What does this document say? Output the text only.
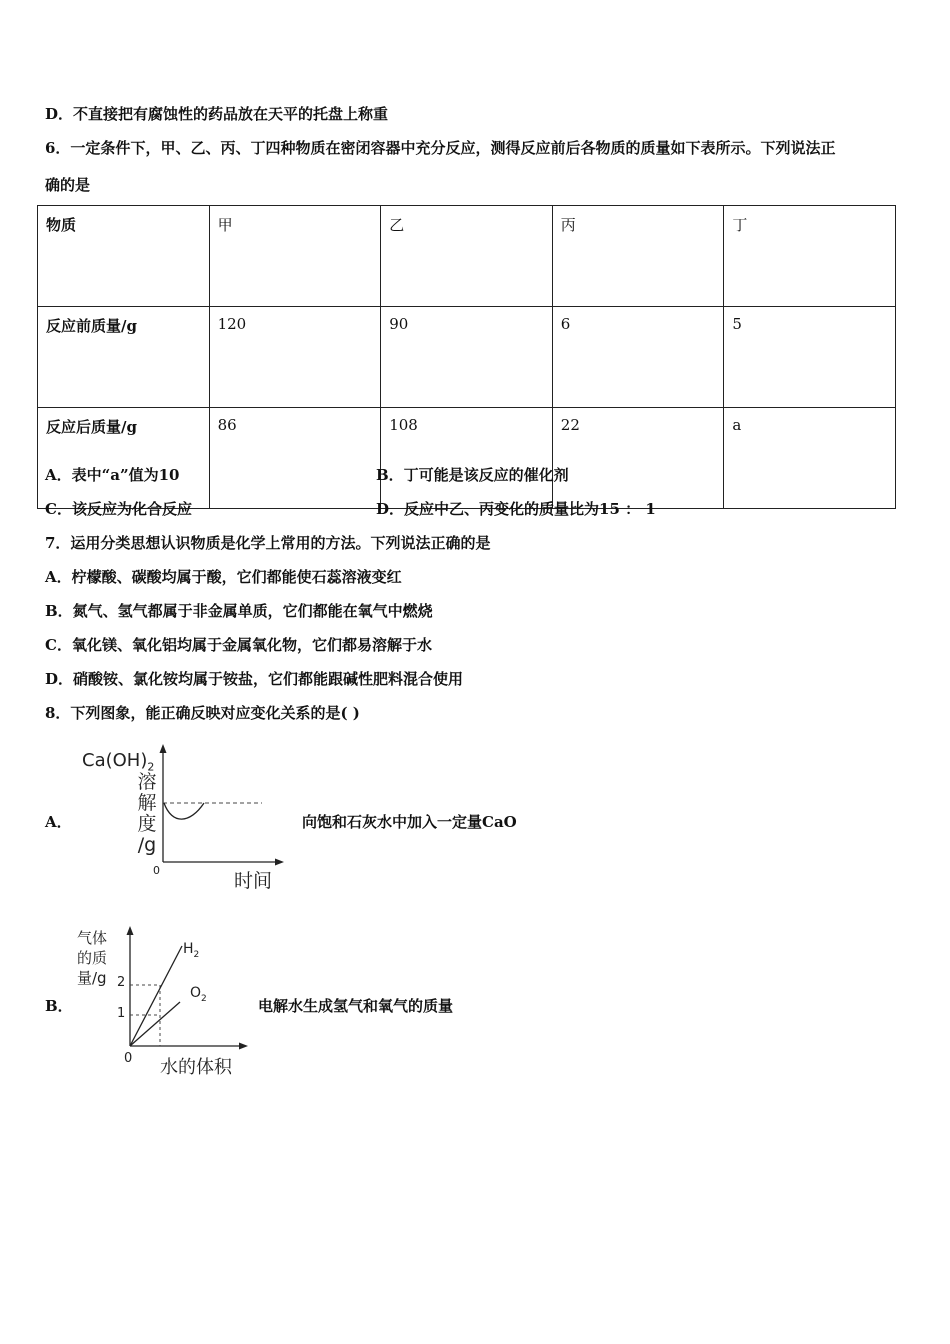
D．不直接把有腐蚀性的药品放在天平的托盘上称重
6．一定条件下，甲、乙、丙、丁四种物质在密闭容器中充分反应，测得反应前后各物质的质量如下表所示。下列说法正
确的是
物质	甲	乙	丙	丁
反应前质量/g	120	90	6	5
反应后质量/g	86	108	22	a
A．表中“a”值为10	B．丁可能是该反应的催化剂
C．该反应为化合反应	D．反应中乙、丙变化的质量比为15 ： 1
7．运用分类思想认识物质是化学上常用的方法。下列说法正确的是
A．柠檬酸、碳酸均属于酸，它们都能使石蕊溶液变红
B．氮气、氢气都属于非金属单质，它们都能在氧气中燃烧
C．氧化镁、氧化铝均属于金属氧化物，它们都易溶解于水
D．硝酸铵、氯化铵均属于铵盐，它们都能跟碱性肥料混合使用
8．下列图象，能正确反映对应变化关系的是( )
A．
$Ca(OH)_2$
溶
解
度
/g
0	时间
向饱和石灰水中加入一定量CaO
B．
气体
的质
量/g 2
1
0
$H_2$
$O_2$
水的体积
电解水生成氢气和氧气的质量
